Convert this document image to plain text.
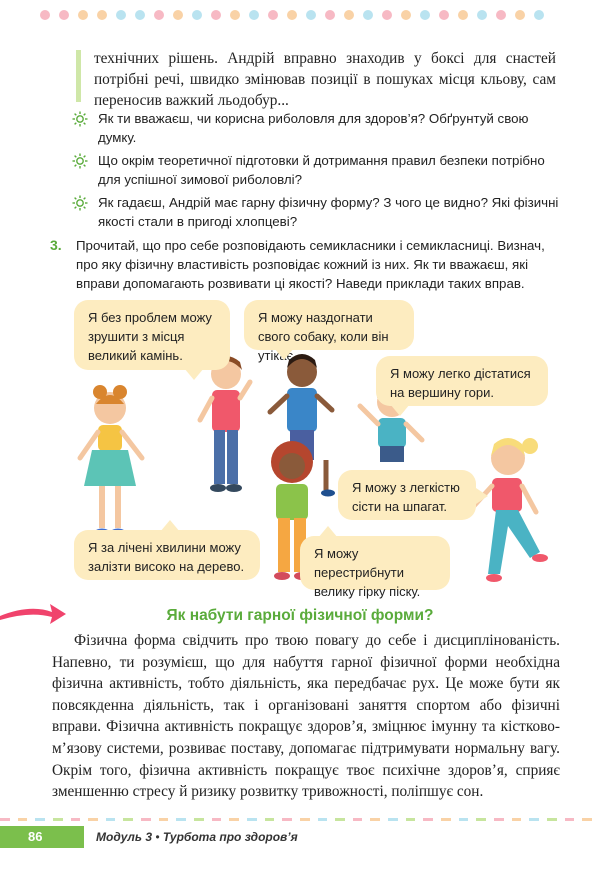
технічних рішень. Андрій вправно знаходив у боксі для снастей потрібні речі, швидко змінював позиції в пошуках місця кльову, сам переносив важкий льодобур...
Як ти вважаєш, чи корисна риболовля для здоров’я? Обґрунтуй свою думку.
Що окрім теоретичної підготовки й дотримання правил безпеки потрібно для успішної зимової риболовлі?
Як гадаєш, Андрій має гарну фізичну форму? З чого це видно? Які фізичні якості стали в пригоді хлопцеві?
3.	Прочитай, що про себе розповідають семикласники і семикласниці. Визнач, про яку фізичну властивість розповідає кожний із них. Як ти вважаєш, які вправи допомагають розвивати ці якості? Наведи приклади таких вправ.
Я без проблем можу зрушити з місця великий камінь.
Я можу наздогнати свого собаку, коли він утікає.
Я можу легко дістатися на вершину гори.
Я можу з легкістю сісти на шпагат.
Я за лічені хвилини можу залізти високо на дерево.
Я можу перестрибнути велику гірку піску.
Як набути гарної фізичної форми?
Фізична форма свідчить про твою повагу до себе і дисциплінованість. Напевно, ти розумієш, що для набуття гарної фізичної форми необхідна фізична активність, тобто діяльність, яка передбачає рух. Це може бути як повсякденна діяльність, так і організовані заняття спортом або фізичні вправи. Фізична активність покращує здоров’я, зміцнює імунну та кістково-м’язову системи, розвиває поставу, допомагає підтримувати нормальну вагу. Окрім того, фізична активність покращує твоє психічне здоров’я, сприяє зменшенню стресу й ризику розвитку тривожності, поліпшує сон.
86	Модуль 3 • Турбота про здоров’я
